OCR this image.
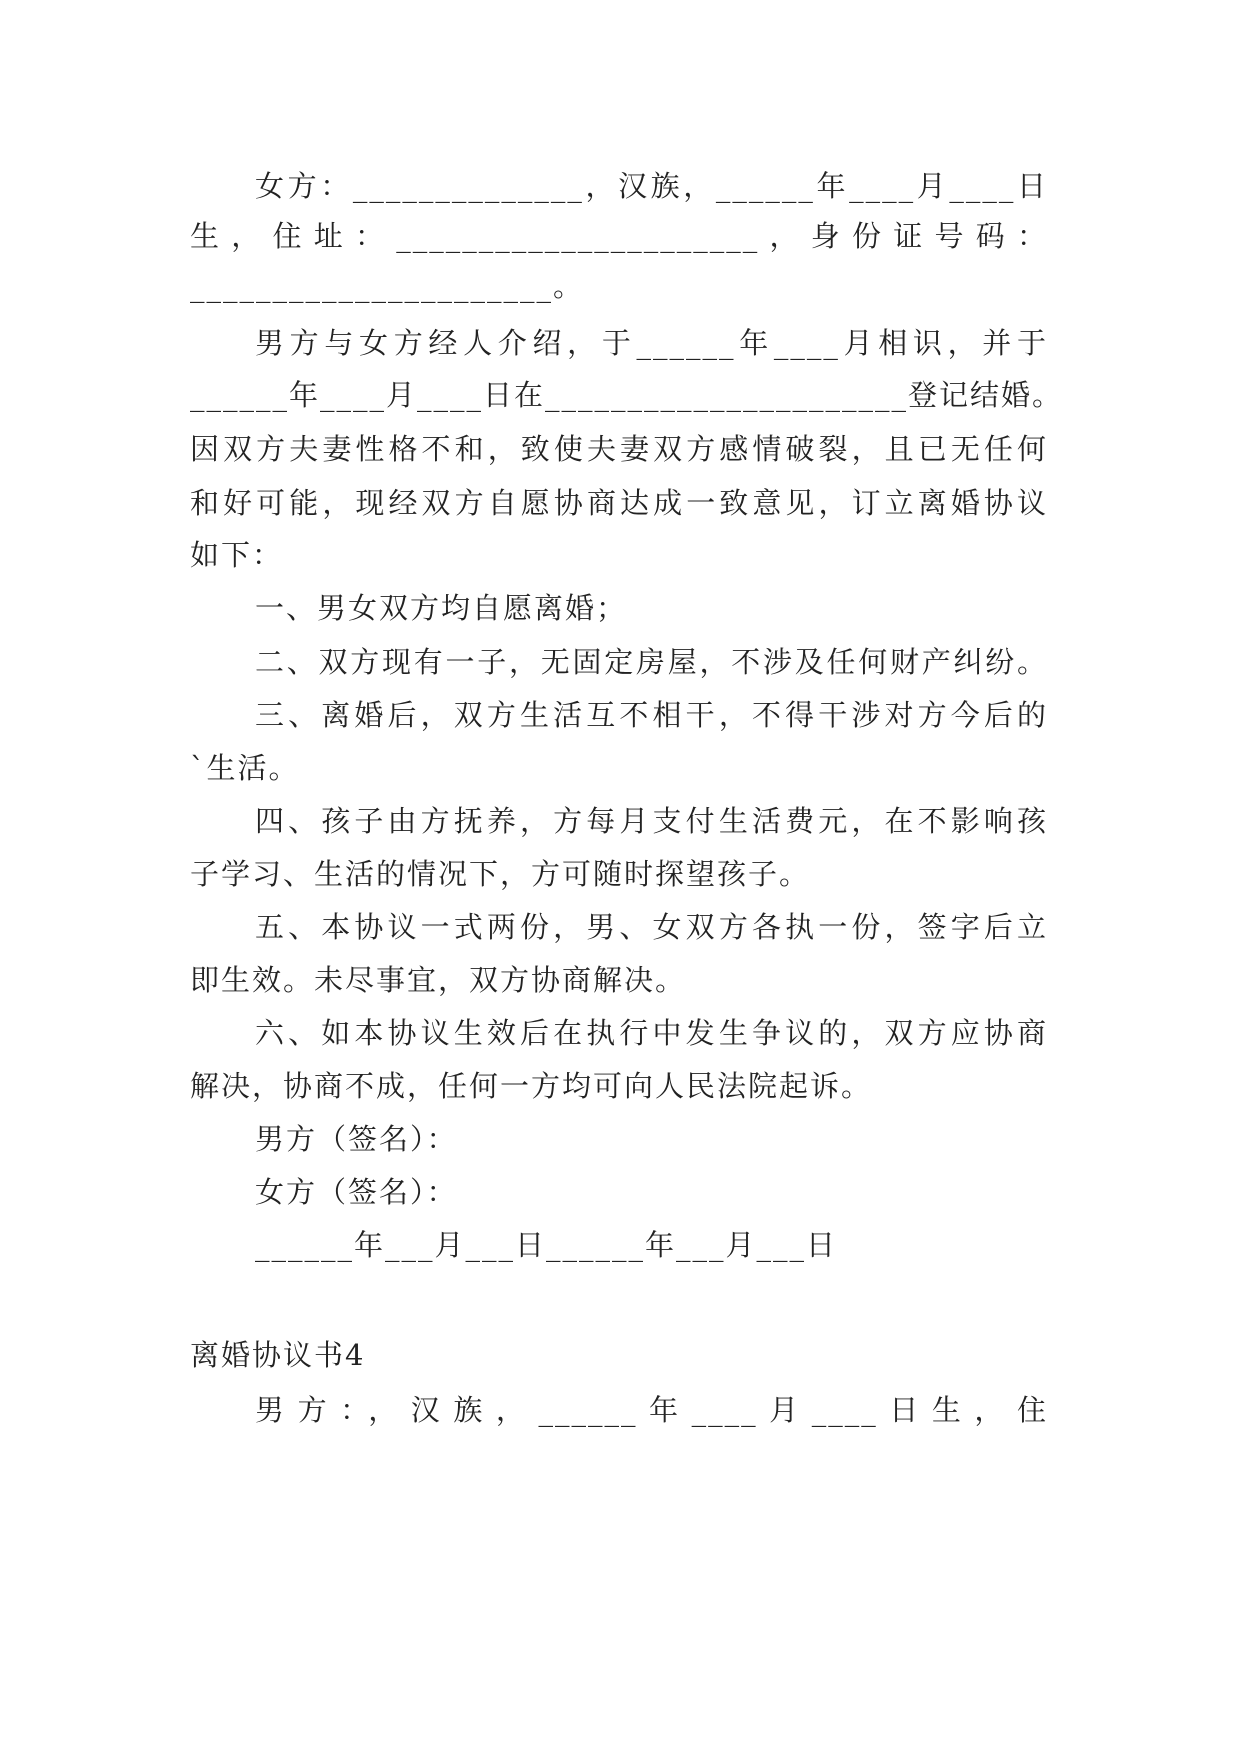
女方：______________，汉族，______年____月____日
生，住址：______________________，身份证号码：
______________________。
男方与女方经人介绍，于______年____月相识，并于
______年____月____日在______________________登记结婚。
因双方夫妻性格不和，致使夫妻双方感情破裂，且已无任何
和好可能，现经双方自愿协商达成一致意见，订立离婚协议
如下：
一、男女双方均自愿离婚；
二、双方现有一子，无固定房屋，不涉及任何财产纠纷。
三、离婚后，双方生活互不相干，不得干涉对方今后的
`生活。
四、孩子由方抚养，方每月支付生活费元，在不影响孩
子学习、生活的情况下，方可随时探望孩子。
五、本协议一式两份，男、女双方各执一份，签字后立
即生效。未尽事宜，双方协商解决。
六、如本协议生效后在执行中发生争议的，双方应协商
解决，协商不成，任何一方均可向人民法院起诉。
男方（签名）：
女方（签名）：
______年___月___日______年___月___日
离婚协议书4
男方：，汉族，______年____月____日生，住
